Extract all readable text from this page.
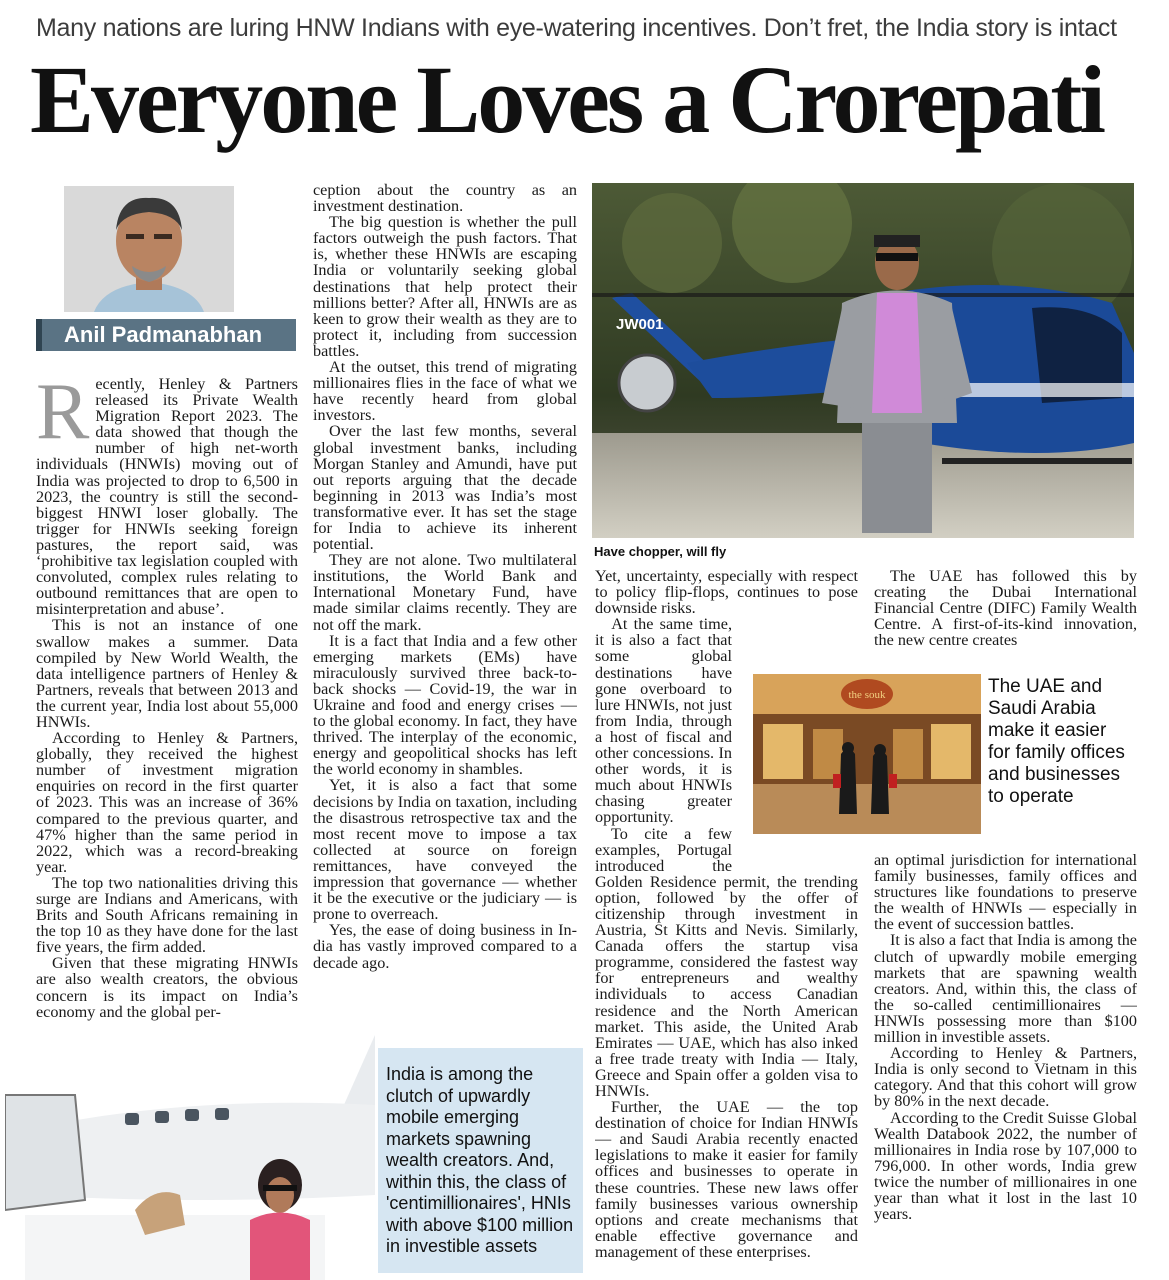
Many nations are luring HNW Indians with eye-watering incentives. Don’t fret, the India story is intact
Everyone Loves a Crorepati
Anil Padmanabhan

Recently, Henley & Partners released its Private Wealth Migration Report 2023. The data showed that though the number of high net-worth individuals (HNWIs) moving out of India was projected to drop to 6,500 in 2023, the country is still the second-biggest HNWI loser globally. The trigger for HNWIs seeking foreign pastures, the report said, was ‘prohibitive tax legislation coupled with convoluted, complex rules relating to outbound remittances that are open to misinterpretation and abuse’.

This is not an instance of one swallow makes a summer. Data compiled by New World Wealth, the data intelligence partners of Henley & Partners, reveals that between 2013 and the current year, India lost about 55,000 HNWIs.

According to Henley & Partners, globally, they received the highest number of investment migration enquiries on record in the first quarter of 2023. This was an increase of 36% compared to the previous quarter, and 47% higher than the same period in 2022, which was a record-breaking year.

The top two nationalities driving this surge are Indians and Americans, with Brits and South Africans remaining in the top 10 as they have done for the last five years, the firm added.

Given that these migrating HNWIs are also wealth creators, the obvious concern is its impact on India’s economy and the global per-

ception about the country as an investment destination.

The big question is whether the pull factors outweigh the push factors. That is, whether these HNWIs are escaping India or voluntarily seeking global destinations that help protect their millions better? After all, HNWIs are as keen to grow their wealth as they are to protect it, including from succession battles.

At the outset, this trend of migrating millionaires flies in the face of what we have recently heard from global investors.

Over the last few months, several global investment banks, including Morgan Stanley and Amundi, have put out reports arguing that the decade beginning in 2013 was India’s most transformative ever. It has set the stage for India to achieve its inherent potential.

They are not alone. Two multilateral institutions, the World Bank and International Monetary Fund, have made similar claims recently. They are not off the mark.

It is a fact that India and a few other emerging markets (EMs) have miraculously survived three back-to-back shocks — Covid-19, the war in Ukraine and food and energy crises — to the global economy. In fact, they have thrived. The interplay of the economic, energy and geopolitical shocks has left the world economy in shambles.

Yet, it is also a fact that some decisions by India on taxation, including the disastrous retrospective tax and the most recent move to impose a tax collected at source on foreign remittances, have conveyed the impression that governance — whether it be the executive or the judiciary — is prone to overreach.

Yes, the ease of doing business in In- dia has vastly improved compared to a decade ago.

JW001
Have chopper, will fly

Yet, uncertainty, especially with respect to policy flip-flops, continues to pose downside risks.

 At the same time, it is also a fact that some global destinations have gone overboard to lure HNWIs, not just from India, through a host of fiscal and other concessions. In other words, it is much about HNWIs chasing greater opportunity.

To cite a few examples, Portugal introduced the Golden Residence permit, the trending option, followed by the offer of citizenship through investment in Austria, St Kitts and Nevis. Similarly, Canada offers the startup visa programme, considered the fastest way for entrepreneurs and wealthy individuals to access Canadian residence and the North American market. This aside, the United Arab Emirates — UAE, which has also inked a free trade treaty with India — Italy, Greece and Spain offer a golden visa to HNWIs.

Further, the UAE — the top destination of choice for Indian HNWIs — and Saudi Arabia recently enacted legislations to make it easier for family offices and businesses to operate in these countries. These new laws offer family businesses various ownership options and create mechanisms that enable effective governance and management of these enterprises.

The UAE has followed this by creating the Dubai International Financial Centre (DIFC) Family Wealth Centre. A first-of-its-kind innovation, the new centre creates

an optimal jurisdiction for international family businesses, family offices and structures like foundations to preserve the wealth of HNWIs — especially in the event of succession battles.

It is also a fact that India is among the clutch of upwardly mobile emerging markets that are spawning wealth creators. And, within this, the class of the so-called centimillionaires — HNWIs possessing more than $100 million in investible assets.

According to Henley & Partners, India is only second to Vietnam in this category. And that this cohort will grow by 80% in the next decade.

According to the Credit Suisse Global Wealth Databook 2022, the number of millionaires in India rose by 107,000 to 796,000. In other words, India grew twice the number of millionaires in one year than what it lost in the last 10 years.

the souk	The UAE and Saudi Arabia make it easier for family offices and businesses to operate
India is among the clutch of upwardly mobile emerging markets spawning wealth creators. And, within this, the class of 'centimillionaires', HNIs with above $100 million in investible assets
